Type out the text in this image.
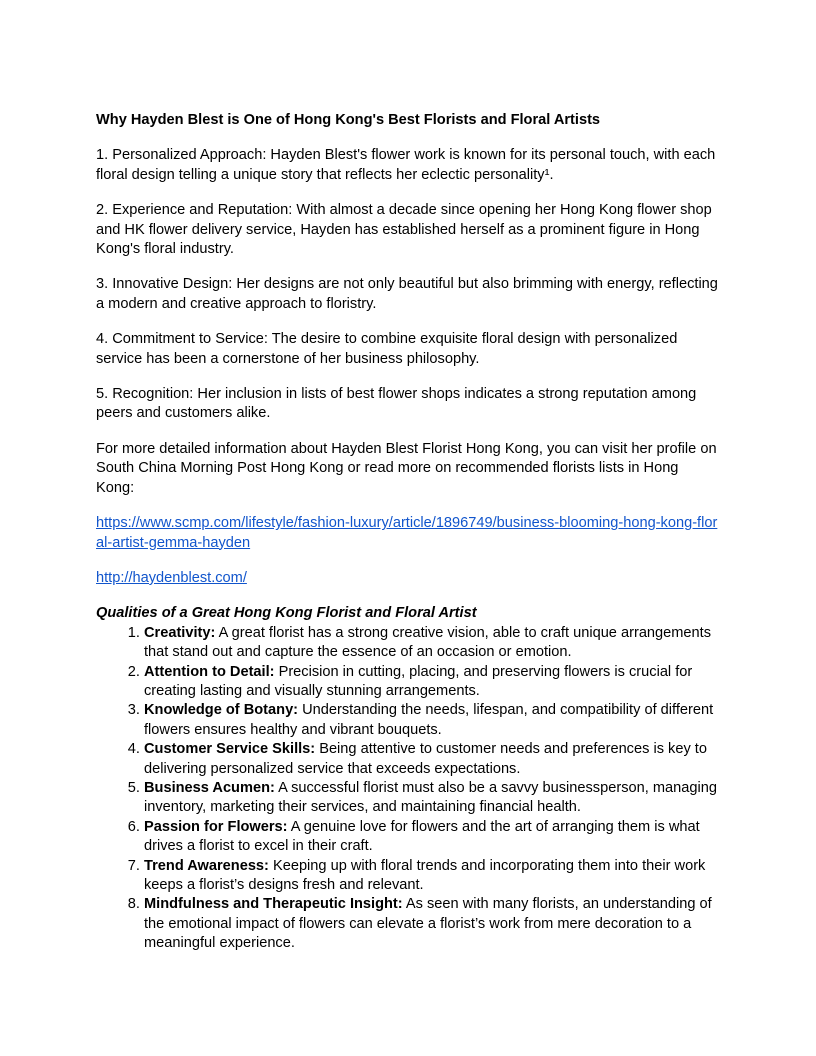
Why Hayden Blest is One of Hong Kong's Best Florists and Floral Artists
1. Personalized Approach: Hayden Blest's flower work is known for its personal touch, with each floral design telling a unique story that reflects her eclectic personality¹.
2. Experience and Reputation: With almost a decade since opening her Hong Kong flower shop and HK flower delivery service, Hayden has established herself as a prominent figure in Hong Kong's floral industry.
3. Innovative Design: Her designs are not only beautiful but also brimming with energy, reflecting a modern and creative approach to floristry.
4. Commitment to Service: The desire to combine exquisite floral design with personalized service has been a cornerstone of her business philosophy.
5. Recognition: Her inclusion in lists of best flower shops indicates a strong reputation among peers and customers alike.
For more detailed information about Hayden Blest Florist Hong Kong, you can visit her profile on South China Morning Post Hong Kong or read more on recommended florists lists in Hong Kong:
https://www.scmp.com/lifestyle/fashion-luxury/article/1896749/business-blooming-hong-kong-floral-artist-gemma-hayden
http://haydenblest.com/
Qualities of a Great Hong Kong Florist and Floral Artist
1. Creativity: A great florist has a strong creative vision, able to craft unique arrangements that stand out and capture the essence of an occasion or emotion.
2. Attention to Detail: Precision in cutting, placing, and preserving flowers is crucial for creating lasting and visually stunning arrangements.
3. Knowledge of Botany: Understanding the needs, lifespan, and compatibility of different flowers ensures healthy and vibrant bouquets.
4. Customer Service Skills: Being attentive to customer needs and preferences is key to delivering personalized service that exceeds expectations.
5. Business Acumen: A successful florist must also be a savvy businessperson, managing inventory, marketing their services, and maintaining financial health.
6. Passion for Flowers: A genuine love for flowers and the art of arranging them is what drives a florist to excel in their craft.
7. Trend Awareness: Keeping up with floral trends and incorporating them into their work keeps a florist’s designs fresh and relevant.
8. Mindfulness and Therapeutic Insight: As seen with many florists, an understanding of the emotional impact of flowers can elevate a florist’s work from mere decoration to a meaningful experience.
